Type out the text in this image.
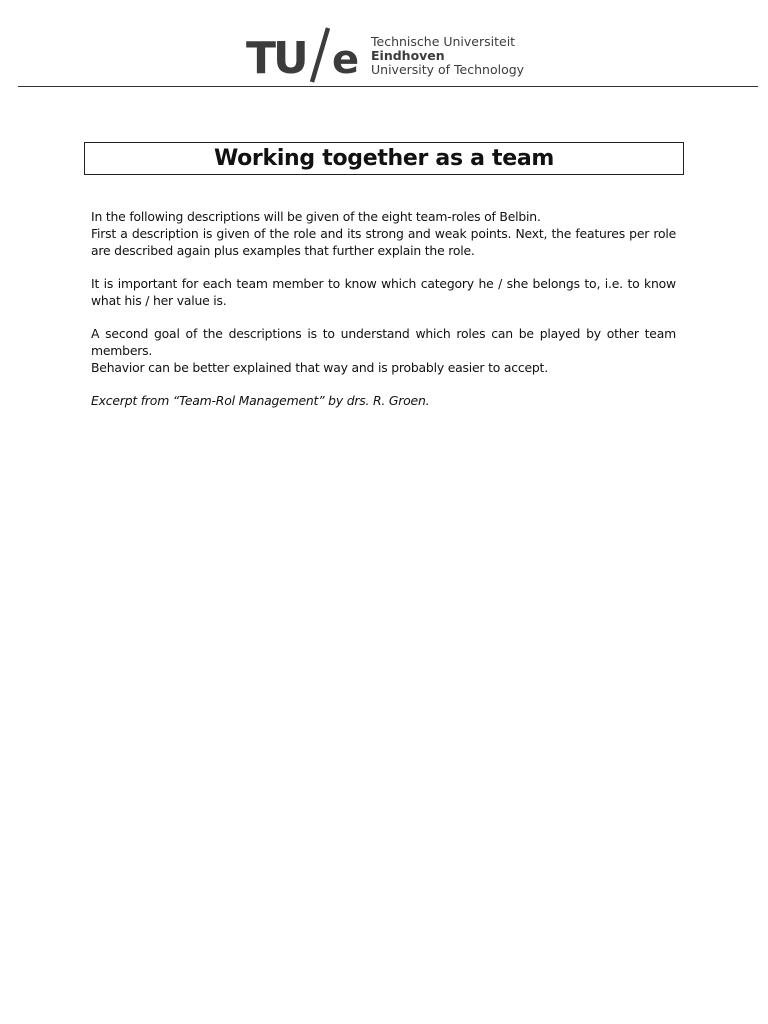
TU e Technische Universiteit
Eindhoven
University of Technology
Working together as a team

In the following descriptions will be given of the eight team-roles of Belbin.

First a description is given of the role and its strong and weak points. Next, the features per role are described again plus examples that further explain the role.

It is important for each team member to know which category he / she belongs to, i.e. to know what his / her value is.

A second goal of the descriptions is to understand which roles can be played by other team members.

Behavior can be better explained that way and is probably easier to accept.

Excerpt from “Team-Rol Management” by drs. R. Groen.
